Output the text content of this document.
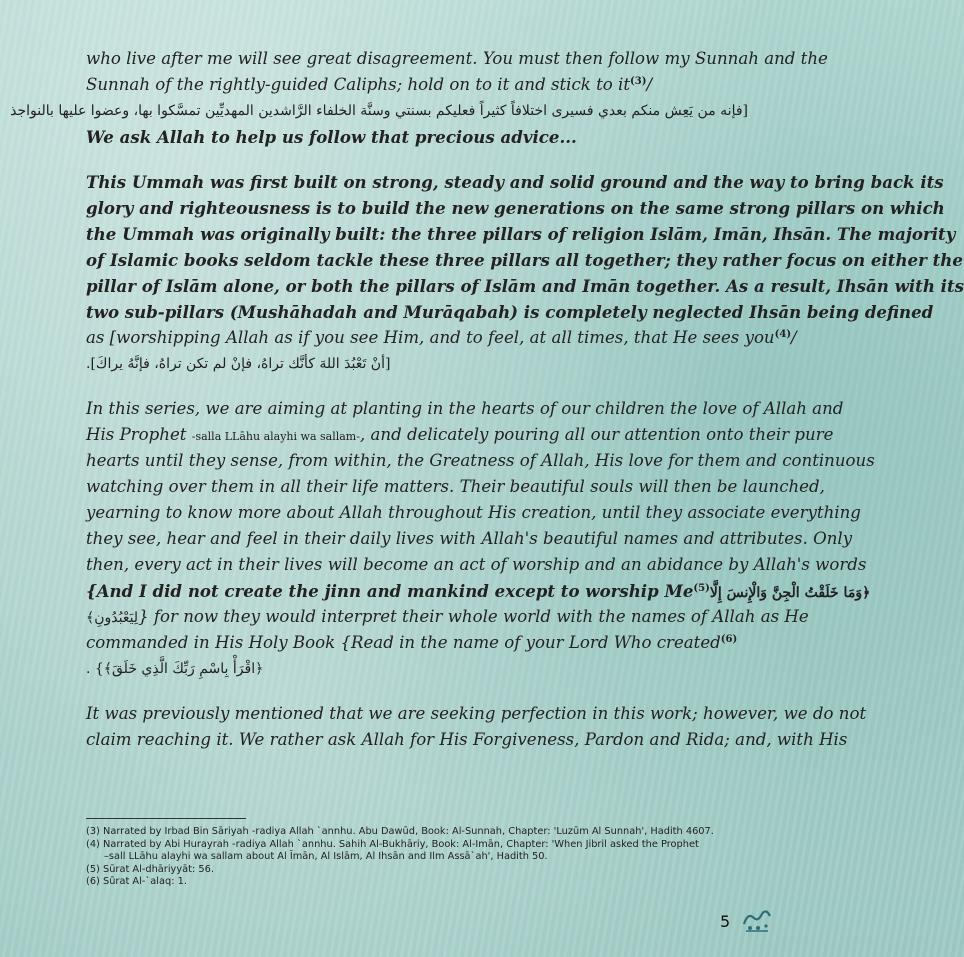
who live after me will see great disagreement. You must then follow my Sunnah and the
Sunnah of the rightly-guided Caliphs; hold on to it and stick to $it^{(3)}/$
[فإنه من يَعِش منكم بعدي فسيرى اختلافاً كثيراً فعليكم بسنتي وسنَّة الخلفاء الرَّاشدين المهديِّين تمسَّكوا بها، وعضوا عليها بالنواجذ
We ask Allah to help us follow that precious advice...
This Ummah was first built on strong, steady and solid ground and the way to bring back its
glory and righteousness is to build the new generations on the same strong pillars on which
the Ummah was originally built: the three pillars of religion Islām, Imān, Ihsān. The majority
of Islamic books seldom tackle these three pillars all together; they rather focus on either the
pillar of Islām alone, or both the pillars of Islām and Imān together. As a result, Ihsān with its
two sub-pillars (Mushāhadah and Murāqabah) is completely neglected Ihsān being defined
as [worshipping Allah as if you see Him, and to feel, at all times, that He sees you$^{(4)}$/
[أنْ تَعْبُدَ اللهَ كأنَّك تراهُ، فإنْ لم تكن تراهُ، فإنَّهُ يراكَ].
In this series, we are aiming at planting in the hearts of our children the love of Allah and
His Prophet -salla LLāhu alayhi wa sallam-, and delicately pouring all our attention onto their pure
hearts until they sense, from within, the Greatness of Allah, His love for them and continuous
watching over them in all their life matters. Their beautiful souls will then be launched,
yearning to know more about Allah throughout His creation, until they associate everything
they see, hear and feel in their daily lives with Allah's beautiful names and attributes. Only
then, every act in their lives will become an act of worship and an abidance by Allah's words
{And I did not create the jinn and mankind except to worship Me$^{(5)}$﴿وَمَا خَلَقْتُ الْجِنَّ وَالْإِنسَ إِلَّا
لِيَعْبُدُونِ﴾} for now they would interpret their whole world with the names of Allah as He
commanded in His Holy Book {Read in the name of your Lord Who created$^{(6)}$
﴿اقْرَأْ بِاسْمِ رَبِّكَ الَّذِي خَلَقَ﴾} .
It was previously mentioned that we are seeking perfection in this work; however, we do not
claim reaching it. We rather ask Allah for His Forgiveness, Pardon and Rida; and, with His
(3) Narrated by Irbad Bin Sāriyah -radiya Allah `annhu. Abu Dawūd, Book: Al-Sunnah, Chapter: 'Luzūm Al Sunnah', Hadith 4607.
(4) Narrated by Abi Hurayrah -radiya Allah `annhu. Sahih Al-Bukhāriy, Book: Al-Imān, Chapter: 'When Jibril asked the Prophet
–sall LLāhu alayhi wa sallam about Al Īmān, Al Islām, Al Ihsān and Ilm Assā`ah', Hadith 50.
(5) Sūrat Al-dhāriyyāt: 56.
(6) Sūrat Al-`alaq: 1.
5
